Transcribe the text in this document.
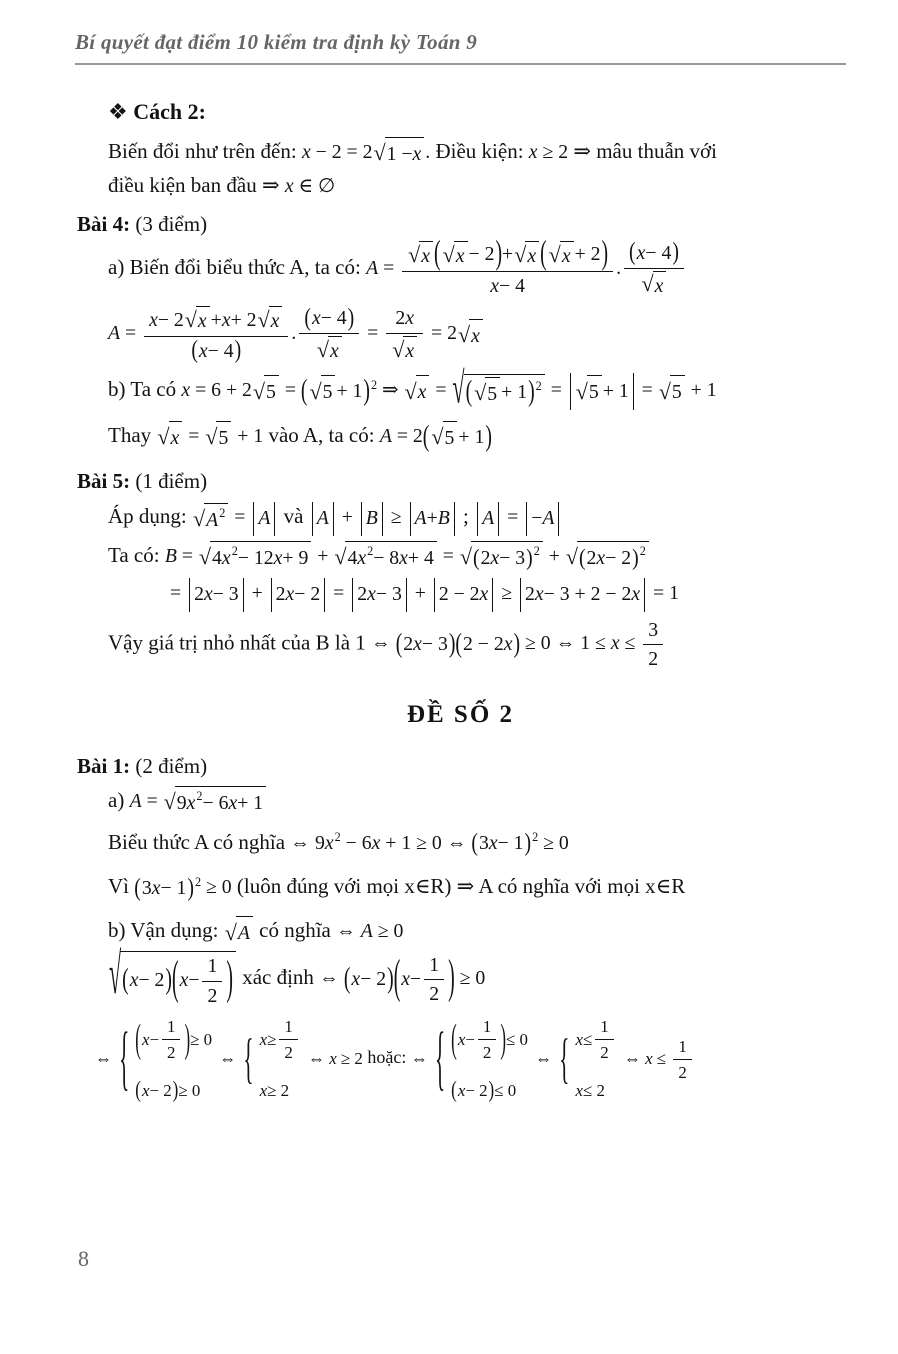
Bí quyết đạt điểm 10 kiểm tra định kỳ Toán 9
❖ Cách 2:
Biến đổi như trên đến: x − 2 = 2 √ 1 − x . Điều kiện: x ≥ 2 ⇒ mâu thuẫn với
điều kiện ban đầu ⇒ x ∈ ∅
Bài 4: (3 điểm)
a) Biến đổi biểu thức A, ta có: $A = \frac{√ x ( √ x - 2 ) + √ x ( √ x + 2 )}{x - 4}$ . $\frac{( x - 4 )}{√ x}$
$A = \frac{x - 2 √ x + x + 2 √ x}{( x - 4 )}$ . $\frac{( x - 4 )}{√ x} = \frac{2 x}{√ x} = 2$ √ x
b) Ta có x = 6 + 2 √ 5 = ( √ 5 + 1 ) $^2$ ⇒ √ x = √ ( √ 5 + 1 )$^2$ = √ 5 + 1 = √ 5 + 1
Thay √ x = √ 5 + 1 vào A, ta có: A = 2 ( √ 5 + 1 )
Bài 5: (1 điểm)
Áp dụng: √ $A^2 = A$ và A + B ≥ A + B ; A = − A
Ta có: B = √ 4 $x^2 - 12$ x + 9 + √ 4 $x^2 - 8$ x + 4 = √ ( 2 x − 3 )$^2$ + √ ( 2 x − 2 )$^2$
= 2 x − 3 + 2 x − 2 = 2 x − 3 + 2 − 2 x ≥ 2 x − 3 + 2 − 2 x = 1
Vậy giá trị nhỏ nhất của B là 1 ⇔ ( 2 x − 3 ) ( 2 − 2 x ) ≥ 0 ⇔ $1 \le x \le \frac{3}{2}$
ĐỀ SỐ 2
Bài 1: (2 điểm)
a) A = √ 9 $x^2 - 6$ x + 1
Biểu thức A có nghĩa ⇔ $9x^2 - 6x + 1 \ge 0$ ⇔ ( 3 x − 1 ) $^2$ ≥ 0
Vì ( 3 x − 1 ) $^2$ ≥ 0 (luôn đúng với mọi x∈R) ⇒ A có nghĩa với mọi x∈R
b) Vận dụng: √ A có nghĩa ⇔ A ≥ 0
√ ( x − 2 ) ( $x - \frac{1}{2}$ ) xác định ⇔ ( x − 2 ) ( $x - \frac{1}{2}$ ) ≥ 0
⇔ { ( $x - \frac{1}{2}$ ) ≥ 0
( x − 2 ) ≥ 0
⇔ { $x \ge \frac{1}{2}$
x ≥ 2
⇔ x ≥ 2 hoặc: ⇔ { ( $x - \frac{1}{2}$ ) ≤ 0
( x − 2 ) ≤ 0
⇔ { $x \le \frac{1}{2}$
x ≤ 2
⇔ $x \le \frac{1}{2}$
8
